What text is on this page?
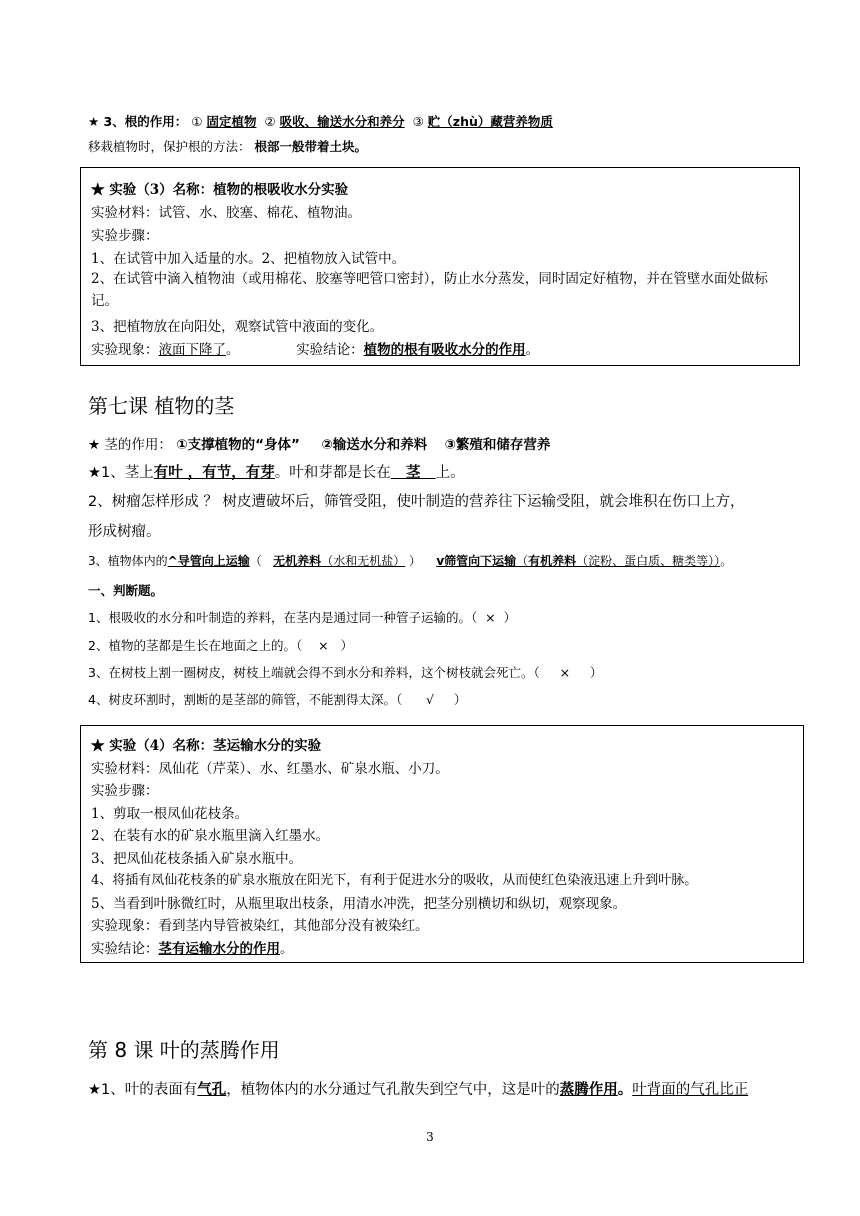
★ 3、根的作用： ① 固定植物 ② 吸收、输送水分和养分 ③ 贮（zhù）藏营养物质
移栽植物时，保护根的方法： 根部一般带着土块。
★ 实验（3）名称：植物的根吸收水分实验
实验材料：试管、水、胶塞、棉花、植物油。
实验步骤：
1、在试管中加入适量的水。2、把植物放入试管中。
2、在试管中滴入植物油（或用棉花、胶塞等吧管口密封），防止水分蒸发，同时固定好植物，并在管壁水面处做标记。
3、把植物放在向阳处，观察试管中液面的变化。
实验现象：液面下降了。	实验结论：植物的根有吸收水分的作用。
第七课 植物的茎
★ 茎的作用： ①支撑植物的“身体” ②输送水分和养料 ③繁殖和储存营养
★1、茎上有叶 ，有节，有芽。叶和芽都是长在   茎   上。
2、树瘤怎样形成 ？ 树皮遭破坏后，筛管受阻，使叶制造的营养往下运输受阻，就会堆积在伤口上方，
形成树瘤。
3、植物体内的^导管向上运输（   无机养料（水和无机盐） ） v筛管向下运输（有机养料（淀粉、蛋白质、糖类等））。
一、判断题。
1、根吸收的水分和叶制造的养料，在茎内是通过同一种管子运输的。（  ×  ）
2、植物的茎都是生长在地面之上的。（    ×   ）
3、在树枝上割一圈树皮，树枝上端就会得不到水分和养料，这个树枝就会死亡。（     ×     ）
4、树皮环割时，割断的是茎部的筛管，不能割得太深。（      √     ）
★ 实验（4）名称：茎运输水分的实验
实验材料：凤仙花（芹菜）、水、红墨水、矿泉水瓶、小刀。
实验步骤：
1、剪取一根凤仙花枝条。
2、在装有水的矿泉水瓶里滴入红墨水。
3、把凤仙花枝条插入矿泉水瓶中。
4、将插有凤仙花枝条的矿泉水瓶放在阳光下，有利于促进水分的吸收，从而使红色染液迅速上升到叶脉。
5、当看到叶脉微红时，从瓶里取出枝条，用清水冲洗，把茎分别横切和纵切，观察现象。
实验现象：看到茎内导管被染红，其他部分没有被染红。
实验结论：茎有运输水分的作用。
第 8 课 叶的蒸腾作用
★1、叶的表面有气孔，植物体内的水分通过气孔散失到空气中，这是叶的蒸腾作用。叶背面的气孔比正
3
